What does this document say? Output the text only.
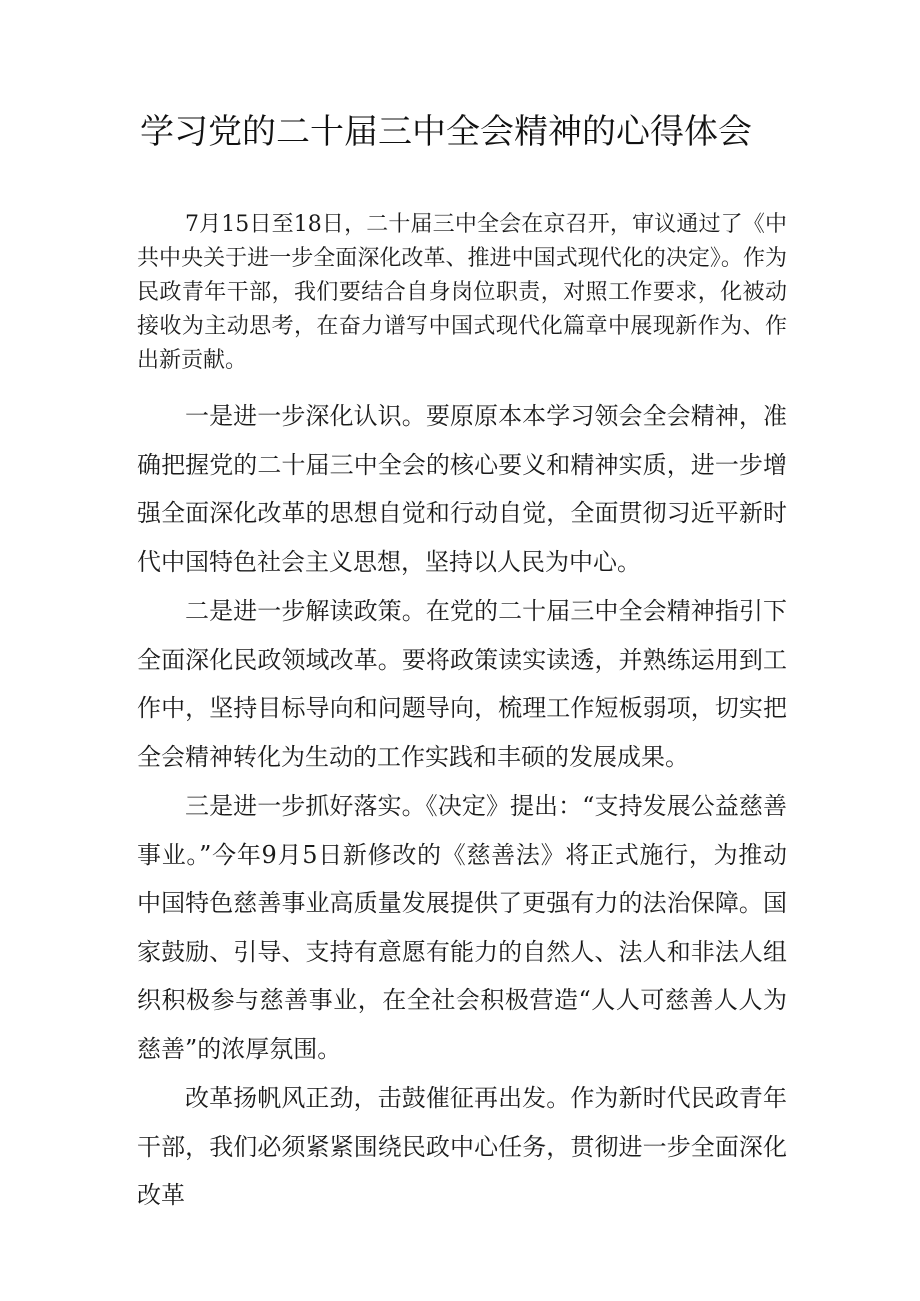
学习党的二十届三中全会精神的心得体会

7月15日至18日，二十届三中全会在京召开，审议通过了《中共中央关于进一步全面深化改革、推进中国式现代化的决定》。作为民政青年干部，我们要结合自身岗位职责，对照工作要求，化被动接收为主动思考，在奋力谱写中国式现代化篇章中展现新作为、作出新贡献。

一是进一步深化认识。要原原本本学习领会全会精神，准确把握党的二十届三中全会的核心要义和精神实质，进一步增强全面深化改革的思想自觉和行动自觉，全面贯彻习近平新时代中国特色社会主义思想，坚持以人民为中心。

二是进一步解读政策。在党的二十届三中全会精神指引下全面深化民政领域改革。要将政策读实读透，并熟练运用到工作中，坚持目标导向和问题导向，梳理工作短板弱项，切实把全会精神转化为生动的工作实践和丰硕的发展成果。

三是进一步抓好落实。《决定》提出：“支持发展公益慈善事业。”今年9月5日新修改的《慈善法》将正式施行，为推动中国特色慈善事业高质量发展提供了更强有力的法治保障。国家鼓励、引导、支持有意愿有能力的自然人、法人和非法人组织积极参与慈善事业，在全社会积极营造“人人可慈善人人为慈善”的浓厚氛围。

改革扬帆风正劲，击鼓催征再出发。作为新时代民政青年干部，我们必须紧紧围绕民政中心任务，贯彻进一步全面深化改革
